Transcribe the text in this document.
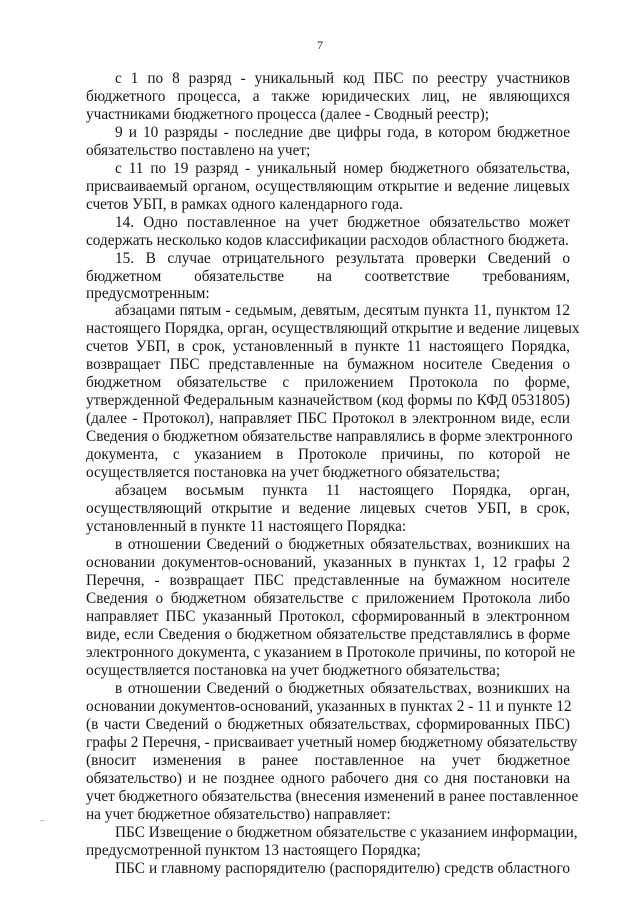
7
с 1 по 8 разряд - уникальный код ПБС по реестру участников
бюджетного процесса, а также юридических лиц, не являющихся
участниками бюджетного процесса (далее - Сводный реестр);
9 и 10 разряды - последние две цифры года, в котором бюджетное
обязательство поставлено на учет;
с 11 по 19 разряд - уникальный номер бюджетного обязательства,
присваиваемый органом, осуществляющим открытие и ведение лицевых
счетов УБП, в рамках одного календарного года.
14. Одно поставленное на учет бюджетное обязательство может
содержать несколько кодов классификации расходов областного бюджета.
15. В случае отрицательного результата проверки Сведений о
бюджетном обязательстве на соответствие требованиям,
предусмотренным:
абзацами пятым - седьмым, девятым, десятым пункта 11, пунктом 12
настоящего Порядка, орган, осуществляющий открытие и ведение лицевых
счетов УБП, в срок, установленный в пункте 11 настоящего Порядка,
возвращает ПБС представленные на бумажном носителе Сведения о
бюджетном обязательстве с приложением Протокола по форме,
утвержденной Федеральным казначейством (код формы по КФД 0531805)
(далее - Протокол), направляет ПБС Протокол в электронном виде, если
Сведения о бюджетном обязательстве направлялись в форме электронного
документа, с указанием в Протоколе причины, по которой не
осуществляется постановка на учет бюджетного обязательства;
абзацем восьмым пункта 11 настоящего Порядка, орган,
осуществляющий открытие и ведение лицевых счетов УБП, в срок,
установленный в пункте 11 настоящего Порядка:
в отношении Сведений о бюджетных обязательствах, возникших на
основании документов-оснований, указанных в пунктах 1, 12 графы 2
Перечня, - возвращает ПБС представленные на бумажном носителе
Сведения о бюджетном обязательстве с приложением Протокола либо
направляет ПБС указанный Протокол, сформированный в электронном
виде, если Сведения о бюджетном обязательстве представлялись в форме
электронного документа, с указанием в Протоколе причины, по которой не
осуществляется постановка на учет бюджетного обязательства;
в отношении Сведений о бюджетных обязательствах, возникших на
основании документов-оснований, указанных в пунктах 2 - 11 и пункте 12
(в части Сведений о бюджетных обязательствах, сформированных ПБС)
графы 2 Перечня, - присваивает учетный номер бюджетному обязательству
(вносит изменения в ранее поставленное на учет бюджетное
обязательство) и не позднее одного рабочего дня со дня постановки на
учет бюджетного обязательства (внесения изменений в ранее поставленное
на учет бюджетное обязательство) направляет:
ПБС Извещение о бюджетном обязательстве с указанием информации,
предусмотренной пунктом 13 настоящего Порядка;
ПБС и главному распорядителю (распорядителю) средств областного
